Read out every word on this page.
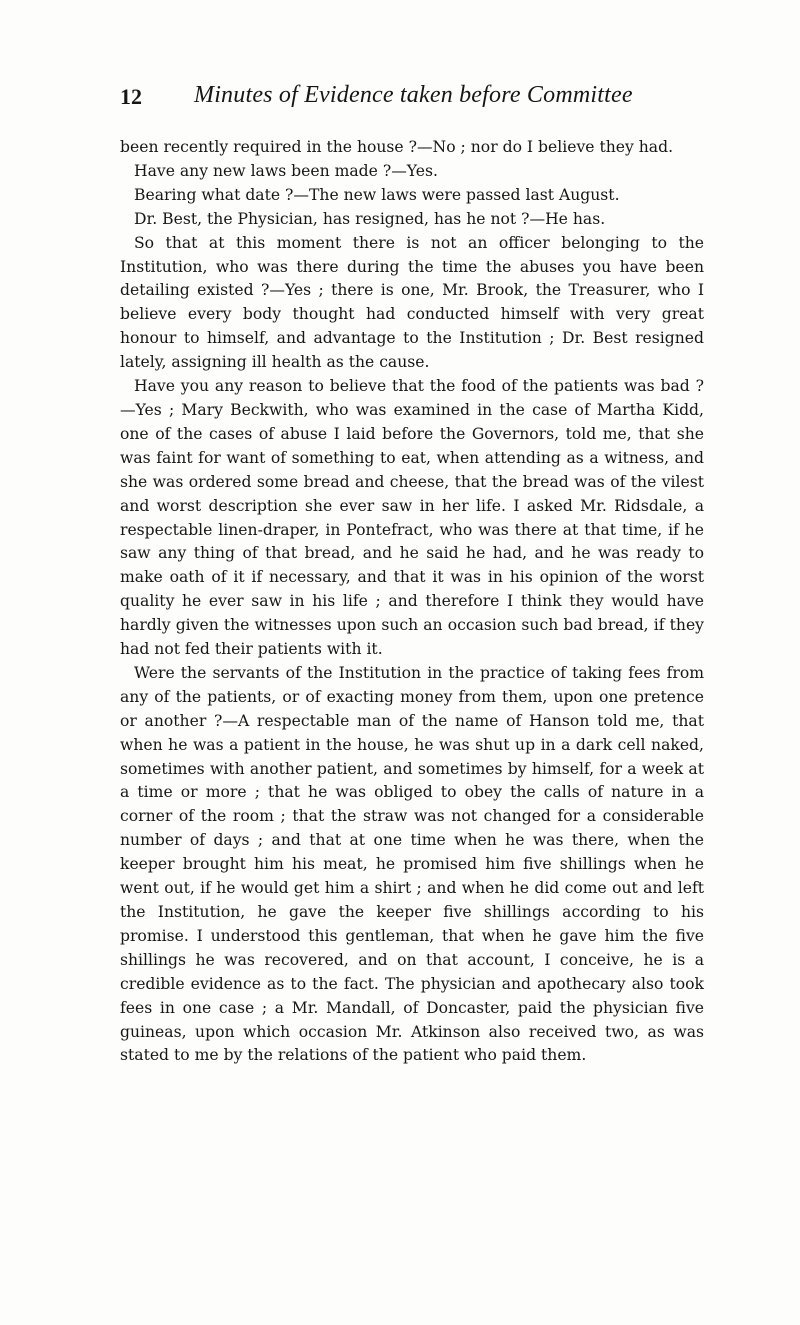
12 Minutes of Evidence taken before Committee

been recently required in the house ?—No ; nor do I believe they had.

Have any new laws been made ?—Yes.

Bearing what date ?—The new laws were passed last August.

Dr. Best, the Physician, has resigned, has he not ?—He has.

So that at this moment there is not an officer belonging to the Institution, who was there during the time the abuses you have been detailing existed ?—Yes ; there is one, Mr. Brook, the Treasurer, who I believe every body thought had conducted himself with very great honour to himself, and advantage to the Institution ; Dr. Best resigned lately, assigning ill health as the cause.

Have you any reason to believe that the food of the patients was bad ?—Yes ; Mary Beckwith, who was examined in the case of Martha Kidd, one of the cases of abuse I laid before the Governors, told me, that she was faint for want of something to eat, when attending as a witness, and she was ordered some bread and cheese, that the bread was of the vilest and worst description she ever saw in her life. I asked Mr. Ridsdale, a respectable linen-draper, in Pontefract, who was there at that time, if he saw any thing of that bread, and he said he had, and he was ready to make oath of it if necessary, and that it was in his opinion of the worst quality he ever saw in his life ; and therefore I think they would have hardly given the witnesses upon such an occasion such bad bread, if they had not fed their patients with it.

Were the servants of the Institution in the practice of taking fees from any of the patients, or of exacting money from them, upon one pretence or another ?—A respectable man of the name of Hanson told me, that when he was a patient in the house, he was shut up in a dark cell naked, sometimes with another patient, and sometimes by himself, for a week at a time or more ; that he was obliged to obey the calls of nature in a corner of the room ; that the straw was not changed for a considerable number of days ; and that at one time when he was there, when the keeper brought him his meat, he promised him five shillings when he went out, if he would get him a shirt ; and when he did come out and left the Institution, he gave the keeper five shillings according to his promise. I understood this gentleman, that when he gave him the five shillings he was recovered, and on that account, I conceive, he is a credible evidence as to the fact. The physician and apothecary also took fees in one case ; a Mr. Mandall, of Doncaster, paid the physician five guineas, upon which occasion Mr. Atkinson also received two, as was stated to me by the relations of the patient who paid them.
